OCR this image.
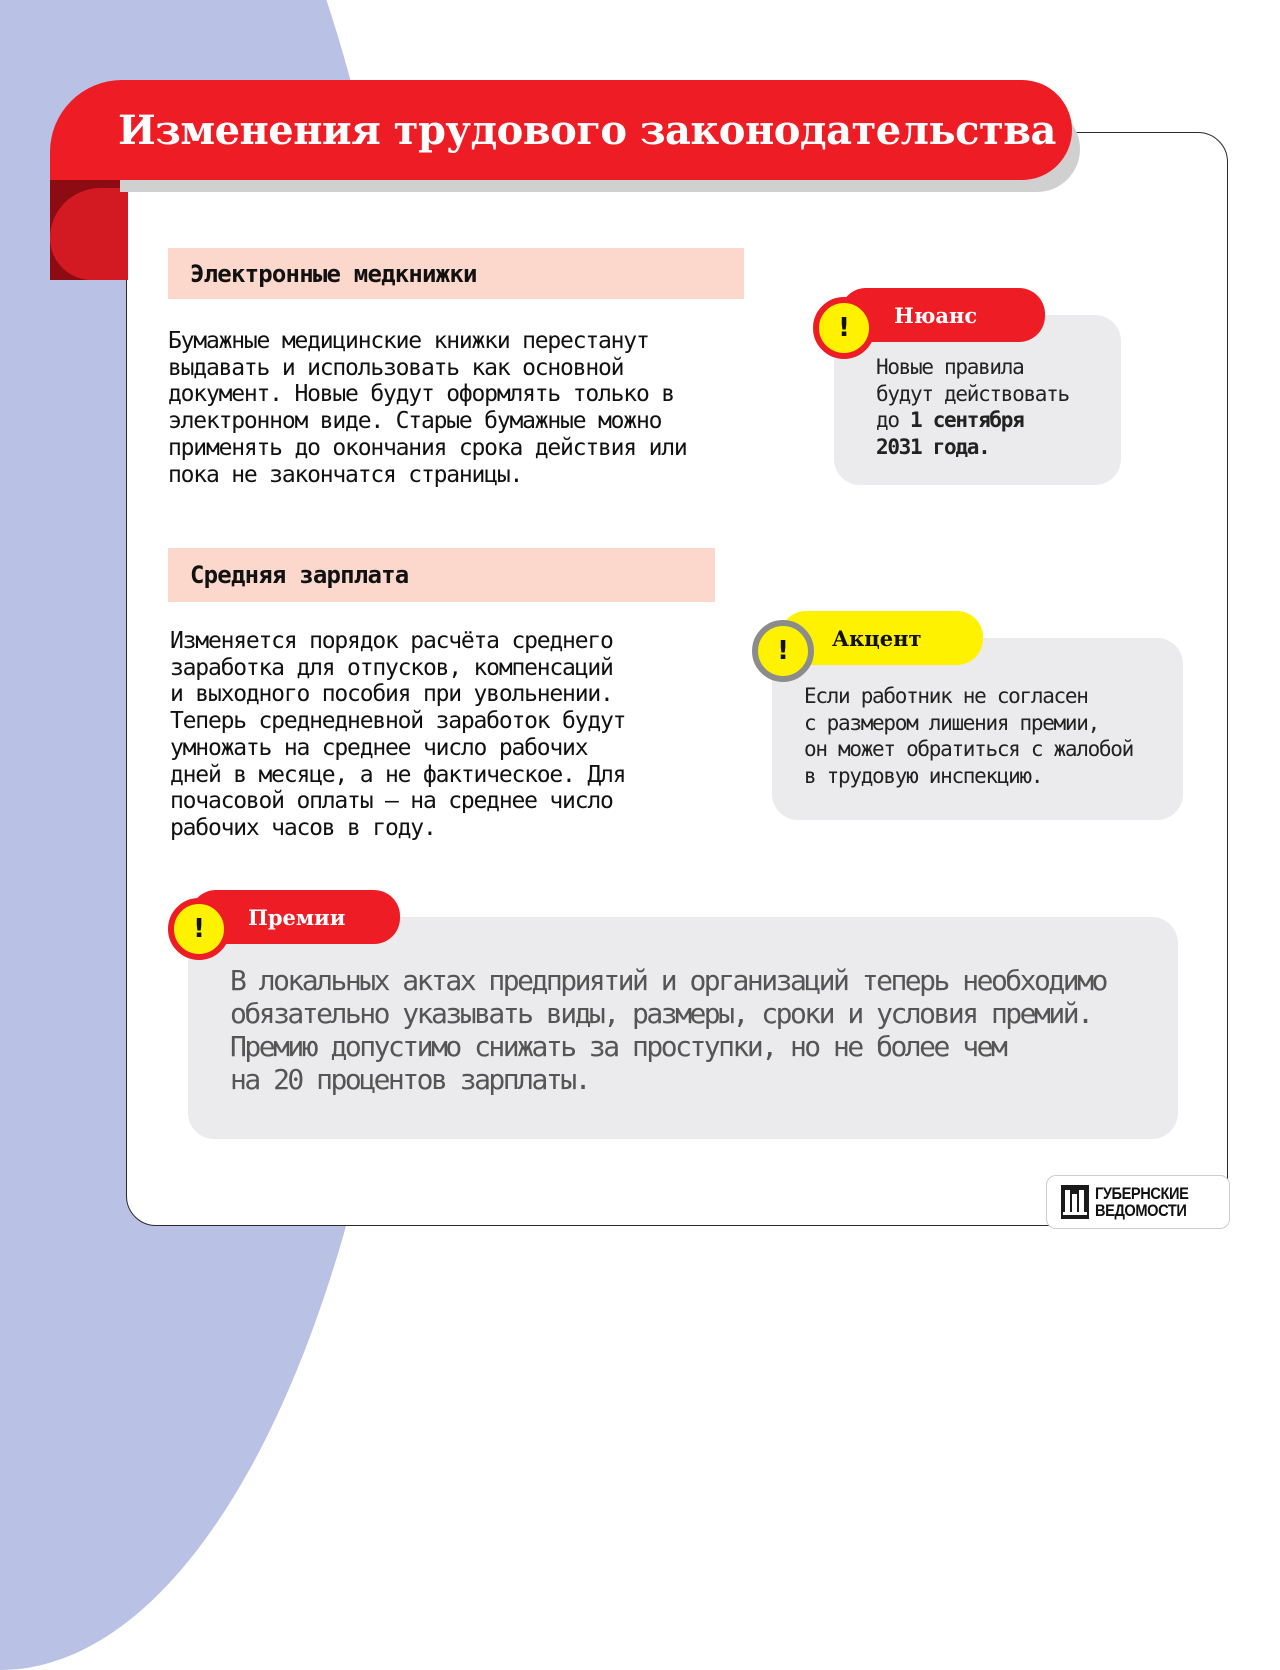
Изменения трудового законодательства
Электронные медкнижки
Бумажные медицинские книжки перестанут
выдавать и использовать как основной
документ. Новые будут оформлять только в
электронном виде. Старые бумажные можно
применять до окончания срока действия или
пока не закончатся страницы.
Нюанс
!
Новые правила
будут действовать
до 1 сентября
2031 года.
Средняя зарплата
Изменяется порядок расчёта среднего
заработка для отпусков, компенсаций
и выходного пособия при увольнении.
Теперь среднедневной заработок будут
умножать на среднее число рабочих
дней в месяце, а не фактическое. Для
почасовой оплаты — на среднее число
рабочих часов в году.
Акцент
!
Если работник не согласен
с размером лишения премии,
он может обратиться с жалобой
в трудовую инспекцию.
Премии
!
В локальных актах предприятий и организаций теперь необходимо
обязательно указывать виды, размеры, сроки и условия премий.
Премию допустимо снижать за проступки, но не более чем
на 20 процентов зарплаты.
ГУБЕРНСКИЕ
ВЕДОМОСТИ
